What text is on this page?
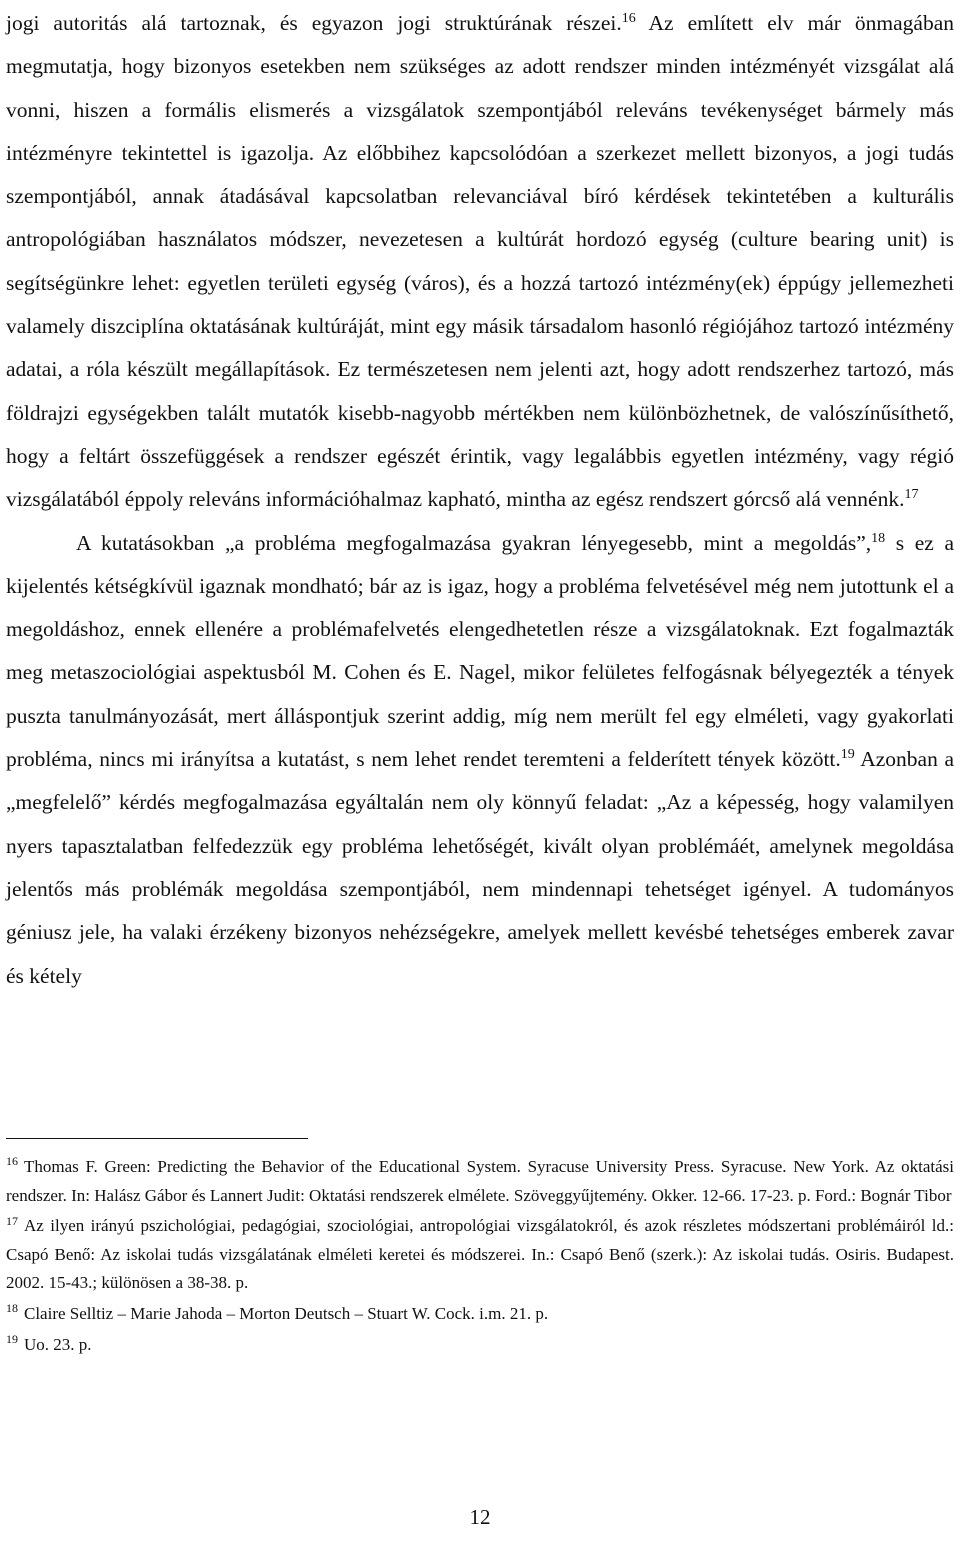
jogi autoritás alá tartoznak, és egyazon jogi struktúrának részei.$^{16}$ Az említett elv már önmagában megmutatja, hogy bizonyos esetekben nem szükséges az adott rendszer minden intézményét vizsgálat alá vonni, hiszen a formális elismerés a vizsgálatok szempontjából releváns tevékenységet bármely más intézményre tekintettel is igazolja. Az előbbihez kapcsolódóan a szerkezet mellett bizonyos, a jogi tudás szempontjából, annak átadásával kapcsolatban relevanciával bíró kérdések tekintetében a kulturális antropológiában használatos módszer, nevezetesen a kultúrát hordozó egység (culture bearing unit) is segítségünkre lehet: egyetlen területi egység (város), és a hozzá tartozó intézmény(ek) éppúgy jellemezheti valamely diszciplína oktatásának kultúráját, mint egy másik társadalom hasonló régiójához tartozó intézmény adatai, a róla készült megállapítások. Ez természetesen nem jelenti azt, hogy adott rendszerhez tartozó, más földrajzi egységekben talált mutatók kisebb-nagyobb mértékben nem különbözhetnek, de valószínűsíthető, hogy a feltárt összefüggések a rendszer egészét érintik, vagy legalábbis egyetlen intézmény, vagy régió vizsgálatából éppoly releváns információhalmaz kapható, mintha az egész rendszert górcső alá vennénk.$^{17}$

A kutatásokban „a probléma megfogalmazása gyakran lényegesebb, mint a megoldás”,$^{18}$ s ez a kijelentés kétségkívül igaznak mondható; bár az is igaz, hogy a probléma felvetésével még nem jutottunk el a megoldáshoz, ennek ellenére a problémafelvetés elengedhetetlen része a vizsgálatoknak. Ezt fogalmazták meg metaszociológiai aspektusból M. Cohen és E. Nagel, mikor felületes felfogásnak bélyegezték a tények puszta tanulmányozását, mert álláspontjuk szerint addig, míg nem merült fel egy elméleti, vagy gyakorlati probléma, nincs mi irányítsa a kutatást, s nem lehet rendet teremteni a felderített tények között.$^{19}$ Azonban a „megfelelő” kérdés megfogalmazása egyáltalán nem oly könnyű feladat: „Az a képesség, hogy valamilyen nyers tapasztalatban felfedezzük egy probléma lehetőségét, kivált olyan problémáét, amelynek megoldása jelentős más problémák megoldása szempontjából, nem mindennapi tehetséget igényel. A tudományos géniusz jele, ha valaki érzékeny bizonyos nehézségekre, amelyek mellett kevésbé tehetséges emberek zavar és kétely

$^{16}$ Thomas F. Green: Predicting the Behavior of the Educational System. Syracuse University Press. Syracuse. New York. Az oktatási rendszer. In: Halász Gábor és Lannert Judit: Oktatási rendszerek elmélete. Szöveggyűjtemény. Okker. 12-66. 17-23. p. Ford.: Bognár Tibor
$^{17}$ Az ilyen irányú pszichológiai, pedagógiai, szociológiai, antropológiai vizsgálatokról, és azok részletes módszertani problémáiról ld.: Csapó Benő: Az iskolai tudás vizsgálatának elméleti keretei és módszerei. In.: Csapó Benő (szerk.): Az iskolai tudás. Osiris. Budapest. 2002. 15-43.; különösen a 38-38. p.
$^{18}$ Claire Selltiz – Marie Jahoda – Morton Deutsch – Stuart W. Cock. i.m. 21. p.
$^{19}$ Uo. 23. p.
12
